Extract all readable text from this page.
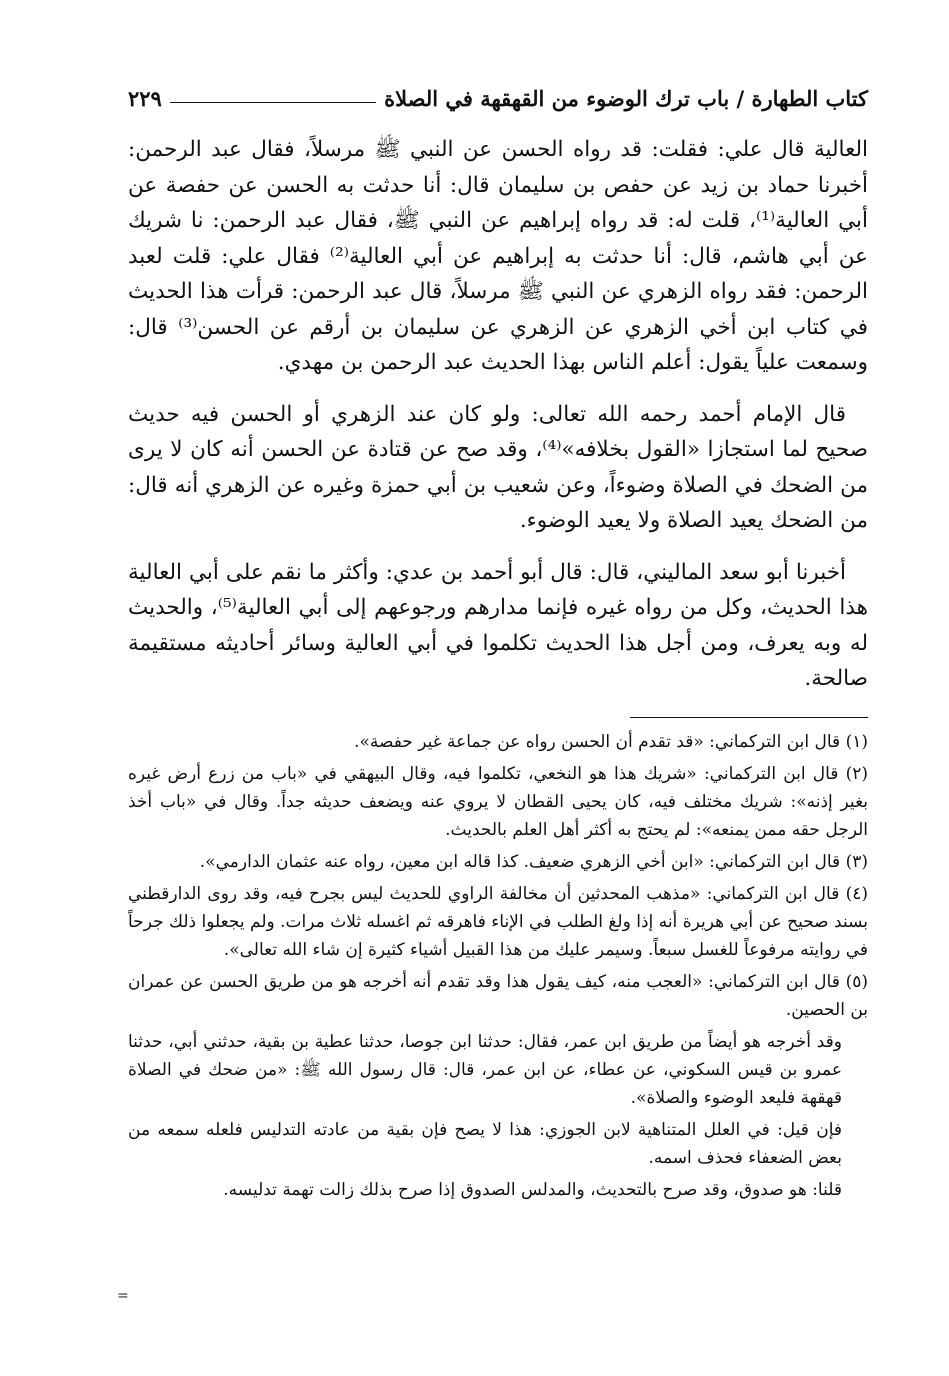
كتاب الطهارة / باب ترك الوضوء من القهقهة في الصلاة
٢٢٩

العالية قال علي: فقلت: قد رواه الحسن عن النبي ﷺ مرسلاً، فقال عبد الرحمن: أخبرنا حماد بن زيد عن حفص بن سليمان قال: أنا حدثت به الحسن عن حفصة عن أبي العالية⁽¹⁾، قلت له: قد رواه إبراهيم عن النبي ﷺ، فقال عبد الرحمن: نا شريك عن أبي هاشم، قال: أنا حدثت به إبراهيم عن أبي العالية⁽²⁾ فقال علي: قلت لعبد الرحمن: فقد رواه الزهري عن النبي ﷺ مرسلاً، قال عبد الرحمن: قرأت هذا الحديث في كتاب ابن أخي الزهري عن الزهري عن سليمان بن أرقم عن الحسن⁽³⁾ قال: وسمعت علياً يقول: أعلم الناس بهذا الحديث عبد الرحمن بن مهدي.

قال الإمام أحمد رحمه الله تعالى: ولو كان عند الزهري أو الحسن فيه حديث صحيح لما استجازا «القول بخلافه»⁽⁴⁾، وقد صح عن قتادة عن الحسن أنه كان لا يرى من الضحك في الصلاة وضوءاً، وعن شعيب بن أبي حمزة وغيره عن الزهري أنه قال: من الضحك يعيد الصلاة ولا يعيد الوضوء.

أخبرنا أبو سعد الماليني، قال: قال أبو أحمد بن عدي: وأكثر ما نقم على أبي العالية هذا الحديث، وكل من رواه غيره فإنما مدارهم ورجوعهم إلى أبي العالية⁽⁵⁾، والحديث له وبه يعرف، ومن أجل هذا الحديث تكلموا في أبي العالية وسائر أحاديثه مستقيمة صالحة.

(١) قال ابن التركماني: «قد تقدم أن الحسن رواه عن جماعة غير حفصة».

(٢) قال ابن التركماني: «شريك هذا هو النخعي، تكلموا فيه، وقال البيهقي في «باب من زرع أرض غيره بغير إذنه»: شريك مختلف فيه، كان يحيى القطان لا يروي عنه ويضعف حديثه جداً. وقال في «باب أخذ الرجل حقه ممن يمنعه»: لم يحتج به أكثر أهل العلم بالحديث.

(٣) قال ابن التركماني: «ابن أخي الزهري ضعيف. كذا قاله ابن معين، رواه عنه عثمان الدارمي».

(٤) قال ابن التركماني: «مذهب المحدثين أن مخالفة الراوي للحديث ليس بجرح فيه، وقد روى الدارقطني بسند صحيح عن أبي هريرة أنه إذا ولغ الطلب في الإناء فاهرقه ثم اغسله ثلاث مرات. ولم يجعلوا ذلك جرحاً في روايته مرفوعاً للغسل سبعاً. وسيمر عليك من هذا القبيل أشياء كثيرة إن شاء الله تعالى».

(٥) قال ابن التركماني: «العجب منه، كيف يقول هذا وقد تقدم أنه أخرجه هو من طريق الحسن عن عمران بن الحصين.

وقد أخرجه هو أيضاً من طريق ابن عمر، فقال: حدثنا ابن جوصا، حدثنا عطية بن بقية، حدثني أبي، حدثنا عمرو بن قيس السكوني، عن عطاء، عن ابن عمر، قال: قال رسول الله ﷺ: «من ضحك في الصلاة قهقهة فليعد الوضوء والصلاة».

فإن قيل: في العلل المتناهية لابن الجوزي: هذا لا يصح فإن بقية من عادته التدليس فلعله سمعه من بعض الضعفاء فحذف اسمه.

قلنا: هو صدوق، وقد صرح بالتحديث، والمدلس الصدوق إذا صرح بذلك زالت تهمة تدليسه.

=
